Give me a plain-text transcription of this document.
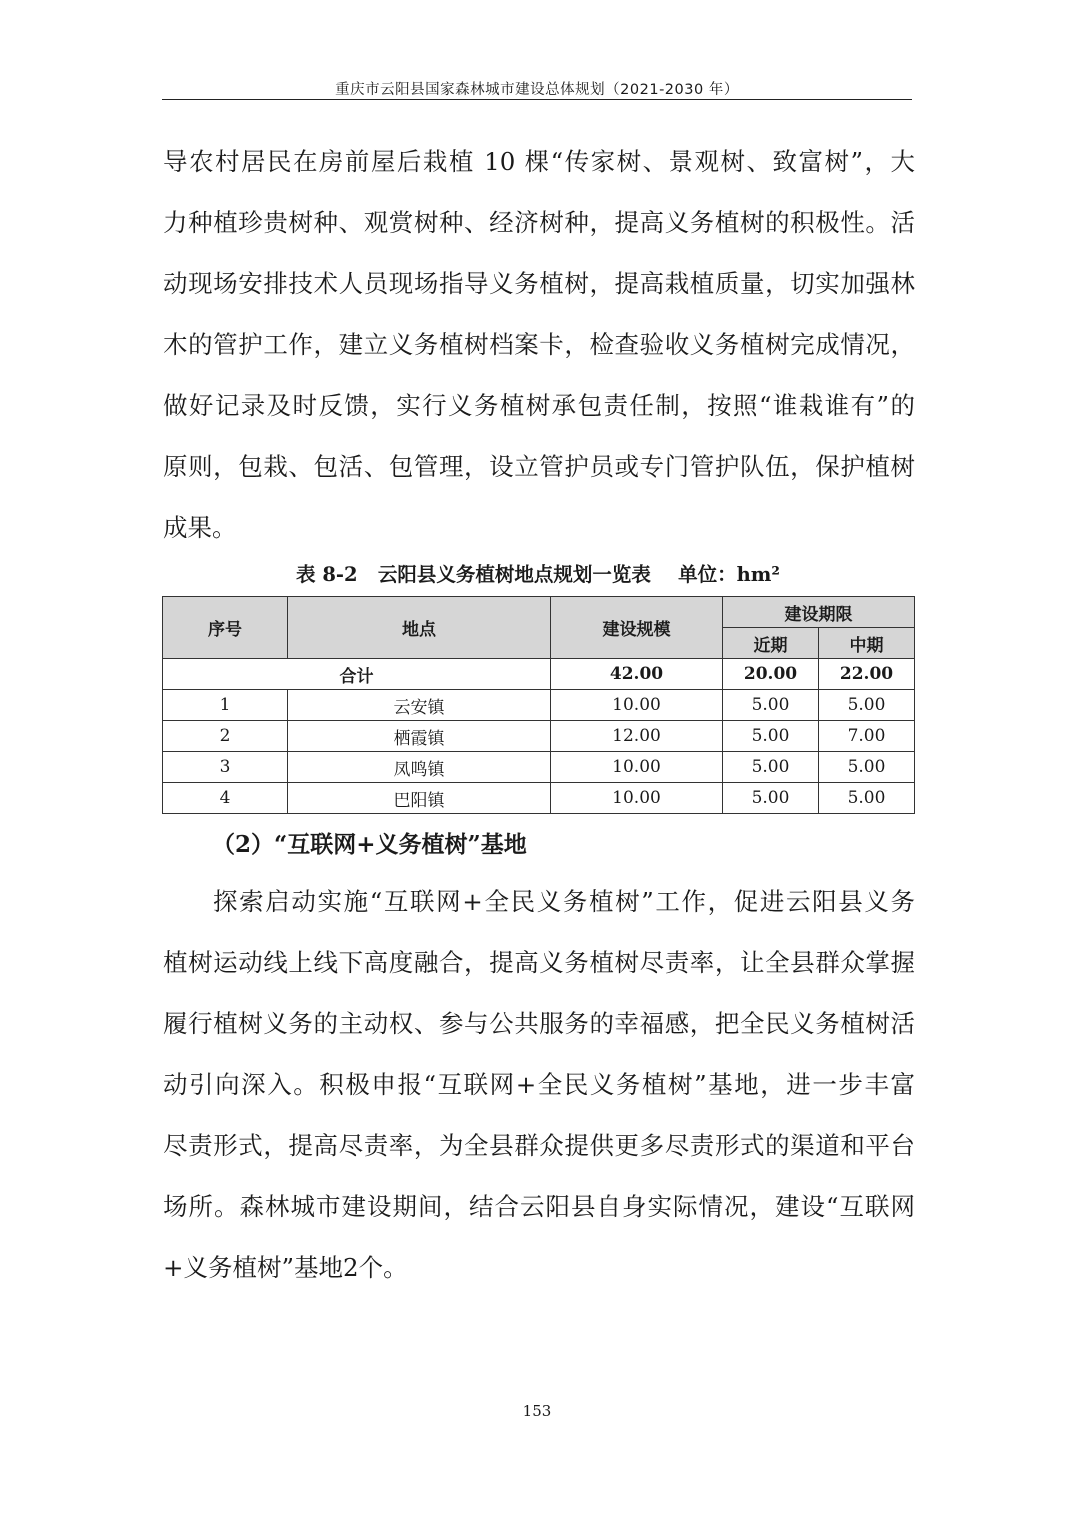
重庆市云阳县国家森林城市建设总体规划（2021-2030 年）
导农村居民在房前屋后栽植 10 棵“传家树、景观树、致富树”，大
力种植珍贵树种、观赏树种、经济树种，提高义务植树的积极性。活
动现场安排技术人员现场指导义务植树，提高栽植质量，切实加强林
木的管护工作，建立义务植树档案卡，检查验收义务植树完成情况，
做好记录及时反馈，实行义务植树承包责任制，按照“谁栽谁有”的
原则，包栽、包活、包管理，设立管护员或专门管护队伍，保护植树
成果。
表 8-2   云阳县义务植树地点规划一览表    单位：hm²
序号	地点	建设规模	建设期限	
			近期	中期
合计		42.00	20.00	22.00
1	云安镇	10.00	5.00	5.00
2	栖霞镇	12.00	5.00	7.00
3	凤鸣镇	10.00	5.00	5.00
4	巴阳镇	10.00	5.00	5.00
（2）“互联网+义务植树”基地
探索启动实施“互联网+全民义务植树”工作，促进云阳县义务
植树运动线上线下高度融合，提高义务植树尽责率，让全县群众掌握
履行植树义务的主动权、参与公共服务的幸福感，把全民义务植树活
动引向深入。积极申报“互联网+全民义务植树”基地，进一步丰富
尽责形式，提高尽责率，为全县群众提供更多尽责形式的渠道和平台
场所。森林城市建设期间，结合云阳县自身实际情况，建设“互联网
+义务植树”基地2个。
153
